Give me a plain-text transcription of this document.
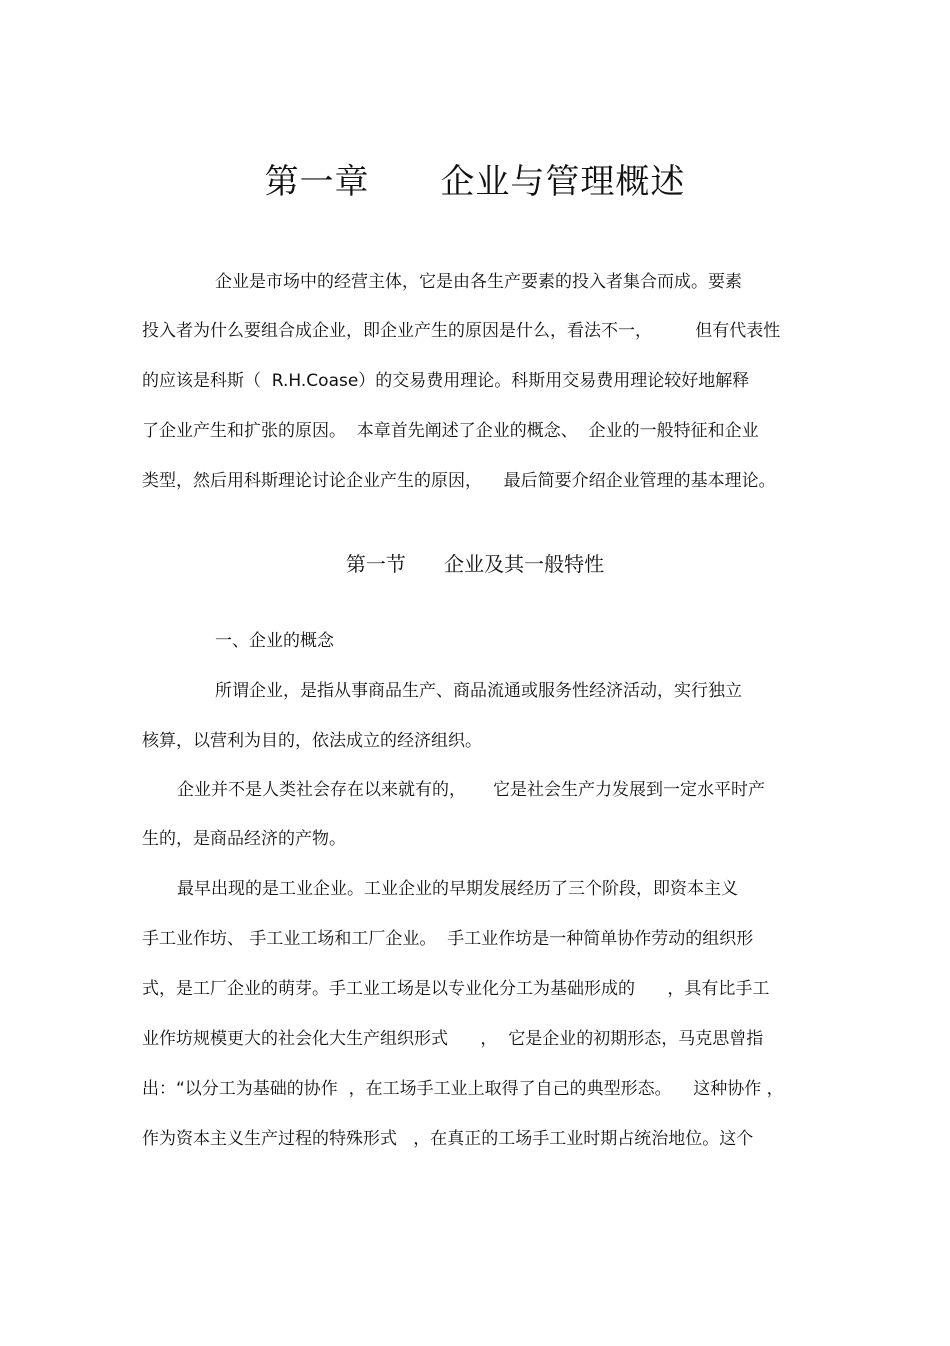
第一章      企业与管理概述
企业是市场中的经营主体，它是由各生产要素的投入者集合而成。要素
投入者为什么要组合成企业，即企业产生的原因是什么，看法不一，        但有代表性
的应该是科斯（  R.H.Coase）的交易费用理论。科斯用交易费用理论较好地解释
了企业产生和扩张的原因。  本章首先阐述了企业的概念、  企业的一般特征和企业
类型，然后用科斯理论讨论企业产生的原因，    最后简要介绍企业管理的基本理论。
第一节      企业及其一般特性
一、企业的概念
所谓企业，是指从事商品生产、商品流通或服务性经济活动，实行独立
核算，以营利为目的，依法成立的经济组织。
企业并不是人类社会存在以来就有的，     它是社会生产力发展到一定水平时产
生的，是商品经济的产物。
最早出现的是工业企业。工业企业的早期发展经历了三个阶段，即资本主义
手工业作坊、 手工业工场和工厂企业。  手工业作坊是一种简单协作劳动的组织形
式，是工厂企业的萌芽。手工业工场是以专业化分工为基础形成的      ，具有比手工
业作坊规模更大的社会化大生产组织形式      ，  它是企业的初期形态，马克思曾指
出：“以分工为基础的协作  ，在工场手工业上取得了自己的典型形态。    这种协作 ，
作为资本主义生产过程的特殊形式   ，在真正的工场手工业时期占统治地位。这个
